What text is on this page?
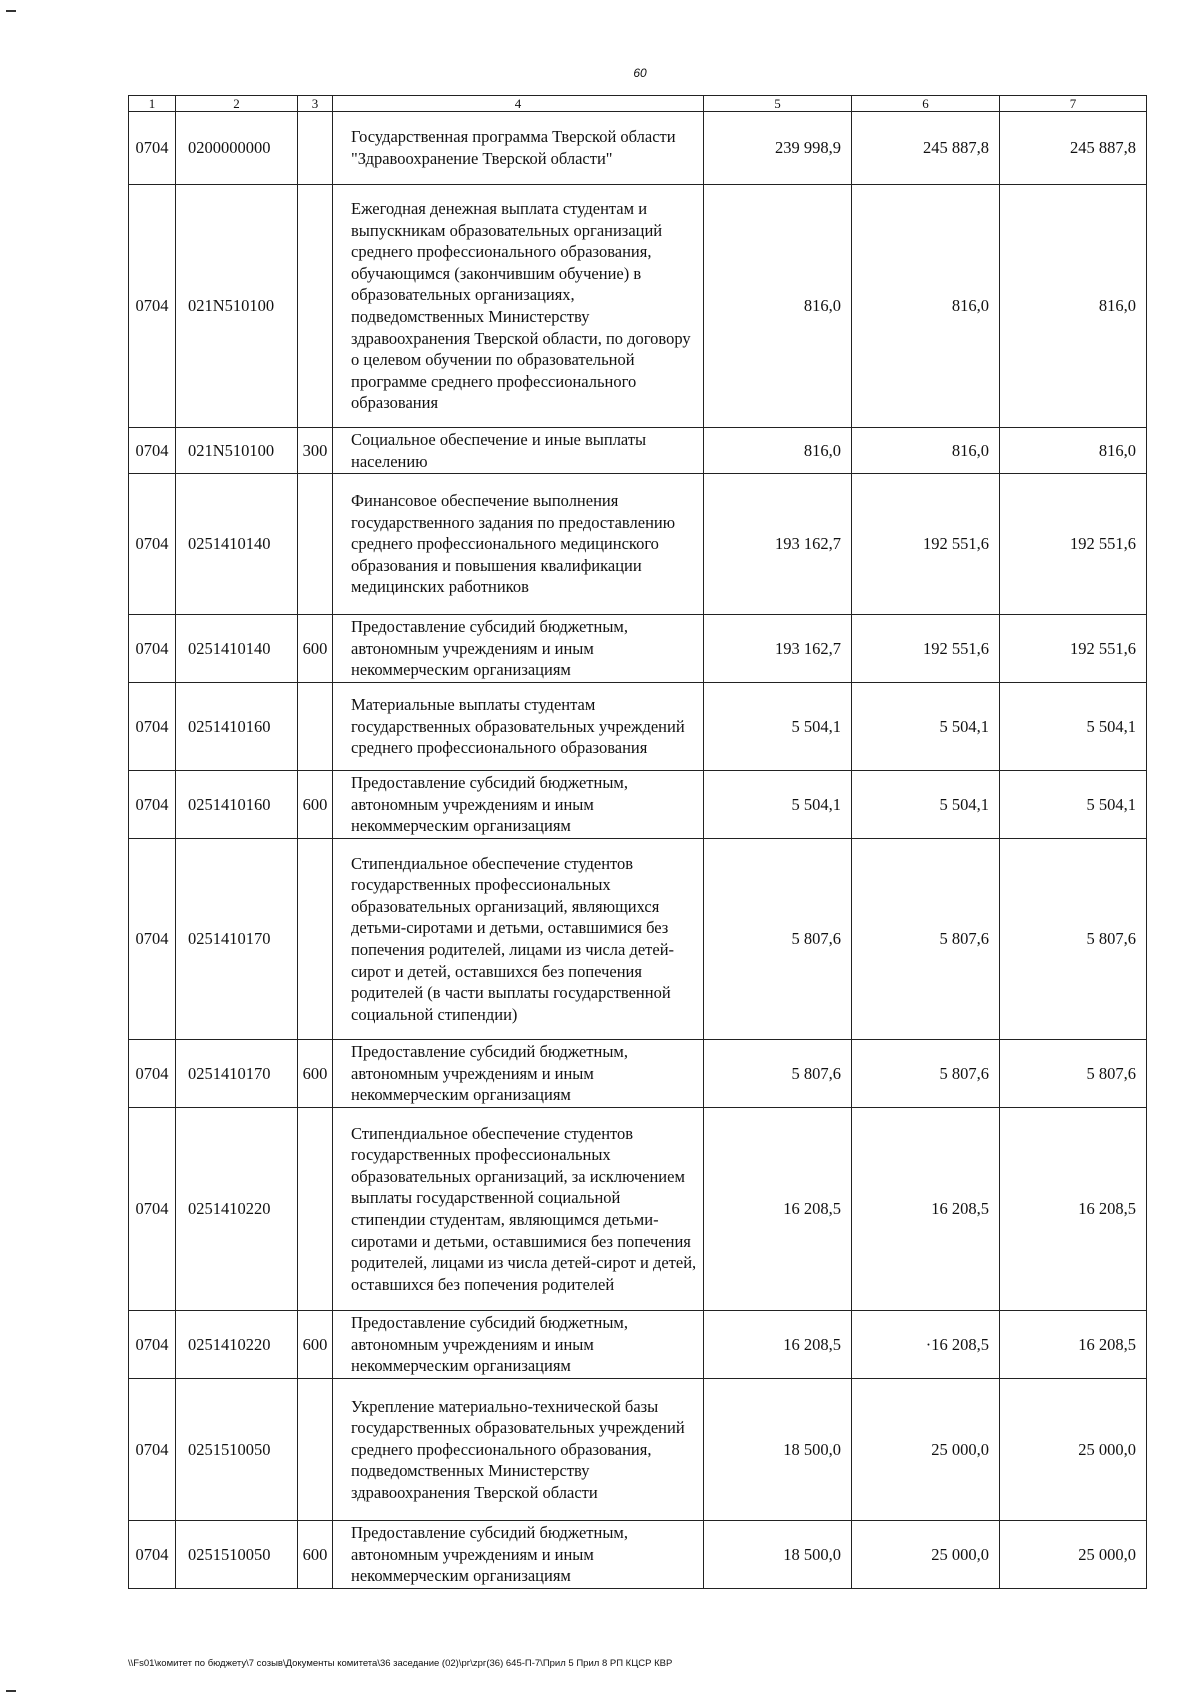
60
1	2	3	4	5	6	7
0704	0200000000		Государственная программа Тверской области "Здравоохранение Тверской области"	239 998,9	245 887,8	245 887,8
0704	021N510100		Ежегодная денежная выплата студентам и выпускникам образовательных организаций среднего профессионального образования, обучающимся (закончившим обучение) в образовательных организациях, подведомственных Министерству здравоохранения Тверской области, по договору о целевом обучении по образовательной программе среднего профессионального образования	816,0	816,0	816,0
0704	021N510100	300	Социальное обеспечение и иные выплаты населению	816,0	816,0	816,0
0704	0251410140		Финансовое обеспечение выполнения государственного задания по предоставлению среднего профессионального медицинского образования и повышения квалификации медицинских работников	193 162,7	192 551,6	192 551,6
0704	0251410140	600	Предоставление субсидий бюджетным, автономным учреждениям и иным некоммерческим организациям	193 162,7	192 551,6	192 551,6
0704	0251410160		Материальные выплаты студентам государственных образовательных учреждений среднего профессионального образования	5 504,1	5 504,1	5 504,1
0704	0251410160	600	Предоставление субсидий бюджетным, автономным учреждениям и иным некоммерческим организациям	5 504,1	5 504,1	5 504,1
0704	0251410170		Стипендиальное обеспечение студентов государственных профессиональных образовательных организаций, являющихся детьми-сиротами и детьми, оставшимися без попечения родителей, лицами из числа детей-сирот и детей, оставшихся без попечения родителей (в части выплаты государственной социальной стипендии)	5 807,6	5 807,6	5 807,6
0704	0251410170	600	Предоставление субсидий бюджетным, автономным учреждениям и иным некоммерческим организациям	5 807,6	5 807,6	5 807,6
0704	0251410220		Стипендиальное обеспечение студентов государственных профессиональных образовательных организаций, за исключением выплаты государственной социальной стипендии студентам, являющимся детьми-сиротами и детьми, оставшимися без попечения родителей, лицами из числа детей-сирот и детей, оставшихся без попечения родителей	16 208,5	16 208,5	16 208,5
0704	0251410220	600	Предоставление субсидий бюджетным, автономным учреждениям и иным некоммерческим организациям	16 208,5	·16 208,5	16 208,5
0704	0251510050		Укрепление материально-технической базы государственных образовательных учреждений среднего профессионального образования, подведомственных Министерству здравоохранения Тверской области	18 500,0	25 000,0	25 000,0
0704	0251510050	600	Предоставление субсидий бюджетным, автономным учреждениям и иным некоммерческим организациям	18 500,0	25 000,0	25 000,0
\\Fs01\комитет по бюджету\7 созыв\Документы комитета\36 заседание (02)\рг\zрг(36) 645-П-7\Прил 5 Прил 8 РП КЦСР КВР
